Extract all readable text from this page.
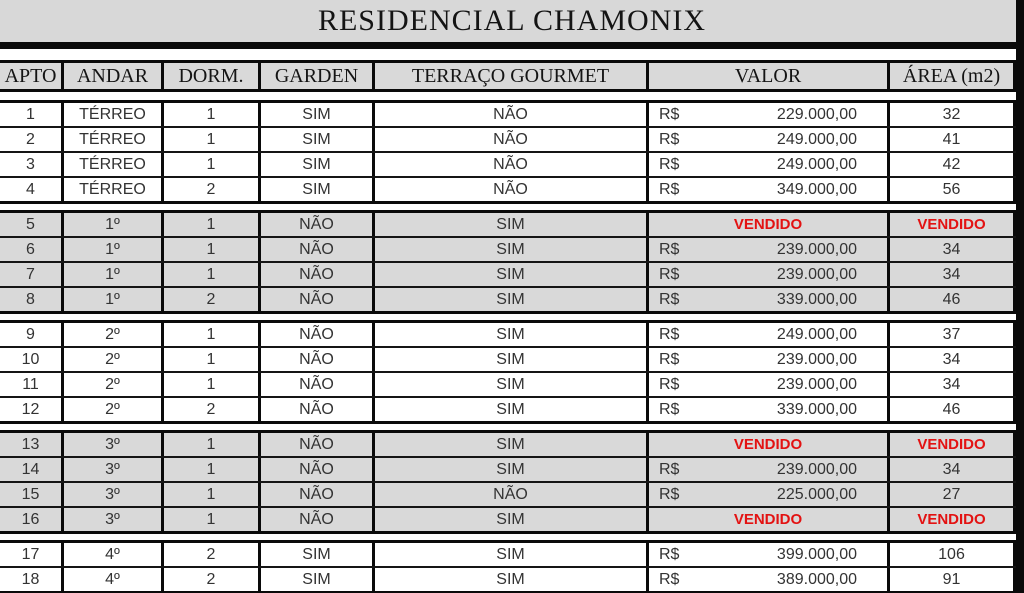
RESIDENCIAL CHAMONIX
APTO	ANDAR	DORM.	GARDEN	TERRAÇO GOURMET	VALOR	ÁREA (m2)
1	TÉRREO	1	SIM	NÃO	R$	229.000,00	32
2	TÉRREO	1	SIM	NÃO	R$	249.000,00	41
3	TÉRREO	1	SIM	NÃO	R$	249.000,00	42
4	TÉRREO	2	SIM	NÃO	R$	349.000,00	56
5	1º	1	NÃO	SIM	VENDIDO	VENDIDO
6	1º	1	NÃO	SIM	R$	239.000,00	34
7	1º	1	NÃO	SIM	R$	239.000,00	34
8	1º	2	NÃO	SIM	R$	339.000,00	46
9	2º	1	NÃO	SIM	R$	249.000,00	37
10	2º	1	NÃO	SIM	R$	239.000,00	34
11	2º	1	NÃO	SIM	R$	239.000,00	34
12	2º	2	NÃO	SIM	R$	339.000,00	46
13	3º	1	NÃO	SIM	VENDIDO	VENDIDO
14	3º	1	NÃO	SIM	R$	239.000,00	34
15	3º	1	NÃO	NÃO	R$	225.000,00	27
16	3º	1	NÃO	SIM	VENDIDO	VENDIDO
17	4º	2	SIM	SIM	R$	399.000,00	106
18	4º	2	SIM	SIM	R$	389.000,00	91
